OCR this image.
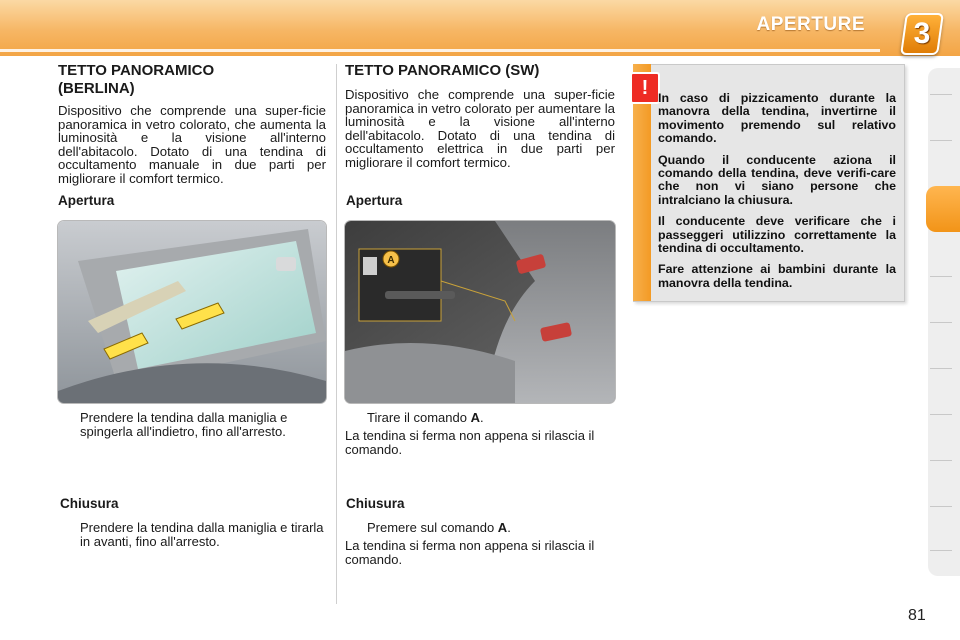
APERTURE 3
TETTO PANORAMICO
(BERLINA)

Dispositivo che comprende una super-ficie panoramica in vetro colorato, che aumenta la luminosità e la visione all'interno dell'abitacolo. Dotato di una tendina di occultamento manuale in due parti per migliorare il comfort termico.

Apertura
Prendere la tendina dalla maniglia e spingerla all'indietro, fino all'arresto.
Chiusura
Prendere la tendina dalla maniglia e tirarla in avanti, fino all'arresto.
TETTO PANORAMICO (SW)

Dispositivo che comprende una super-ficie panoramica in vetro colorato per aumentare la luminosità e la visione all'interno dell'abitacolo. Dotato di una tendina di occultamento elettrica in due parti per migliorare il comfort termico.

Apertura
A
Tirare il comando A.
La tendina si ferma non appena si rilascia il comando.
Chiusura
Premere sul comando A.
La tendina si ferma non appena si rilascia il comando.
! In caso di pizzicamento durante la manovra della tendina, invertirne il movimento premendo sul relativo comando.

Quando il conducente aziona il comando della tendina, deve verifi-care che non vi siano persone che intralciano la chiusura.

Il conducente deve verificare che i passeggeri utilizzino correttamente la tendina di occultamento.

Fare attenzione ai bambini durante la manovra della tendina.

81
